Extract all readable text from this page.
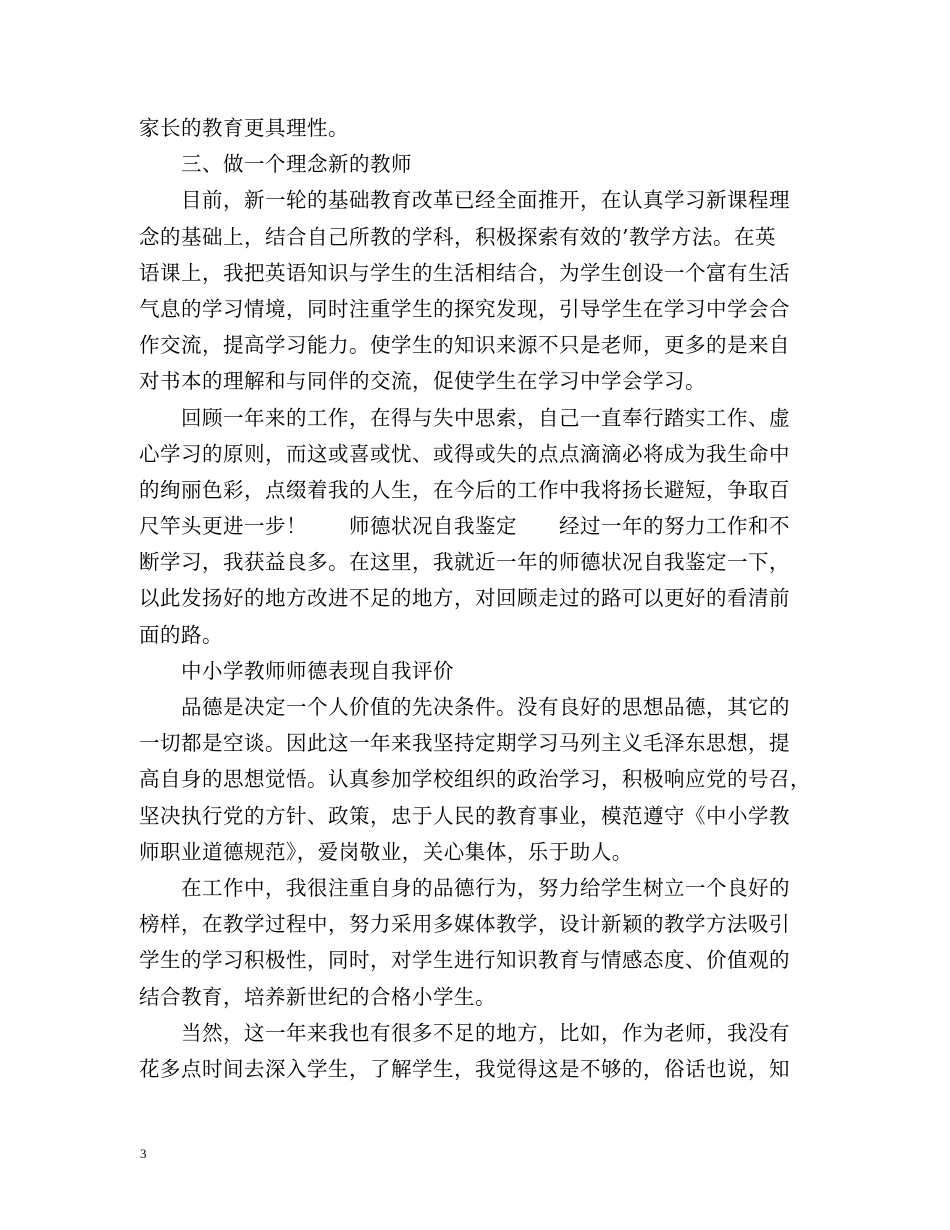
家长的教育更具理性。
三、做一个理念新的教师
目前，新一轮的基础教育改革已经全面推开，在认真学习新课程理
念的基础上，结合自己所教的学科，积极探索有效的’教学方法。在英
语课上，我把英语知识与学生的生活相结合，为学生创设一个富有生活
气息的学习情境，同时注重学生的探究发现，引导学生在学习中学会合
作交流，提高学习能力。使学生的知识来源不只是老师，更多的是来自
对书本的理解和与同伴的交流，促使学生在学习中学会学习。
回顾一年来的工作，在得与失中思索，自己一直奉行踏实工作、虚
心学习的原则，而这或喜或忧、或得或失的点点滴滴必将成为我生命中
的绚丽色彩，点缀着我的人生，在今后的工作中我将扬长避短，争取百
尺竿头更进一步！　　师德状况自我鉴定　　经过一年的努力工作和不
断学习，我获益良多。在这里，我就近一年的师德状况自我鉴定一下，
以此发扬好的地方改进不足的地方，对回顾走过的路可以更好的看清前
面的路。
中小学教师师德表现自我评价
品德是决定一个人价值的先决条件。没有良好的思想品德，其它的
一切都是空谈。因此这一年来我坚持定期学习马列主义毛泽东思想，提
高自身的思想觉悟。认真参加学校组织的政治学习，积极响应党的号召，
坚决执行党的方针、政策，忠于人民的教育事业，模范遵守《中小学教
师职业道德规范》，爱岗敬业，关心集体，乐于助人。
在工作中，我很注重自身的品德行为，努力给学生树立一个良好的
榜样，在教学过程中，努力采用多媒体教学，设计新颖的教学方法吸引
学生的学习积极性，同时，对学生进行知识教育与情感态度、价值观的
结合教育，培养新世纪的合格小学生。
当然，这一年来我也有很多不足的地方，比如，作为老师，我没有
花多点时间去深入学生，了解学生，我觉得这是不够的，俗话也说，知
3
